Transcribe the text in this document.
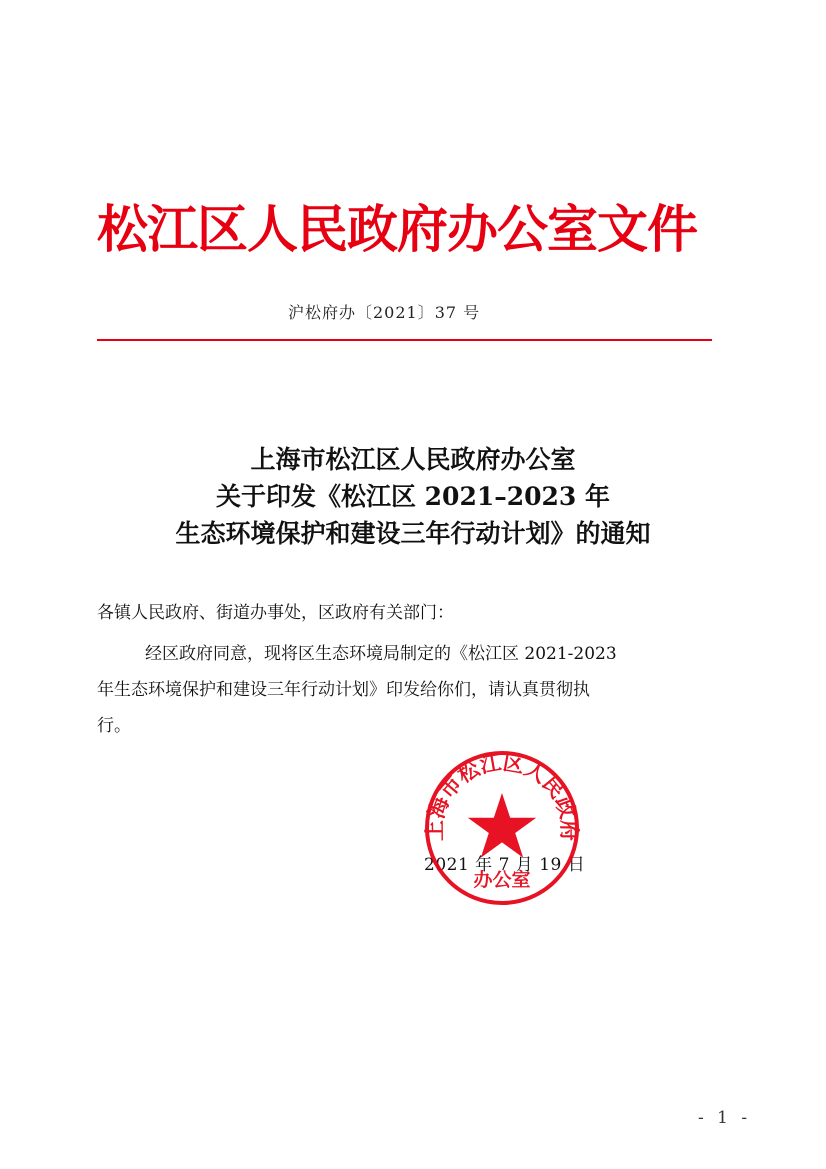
松江区人民政府办公室文件
沪松府办〔2021〕37 号
上海市松江区人民政府办公室
关于印发《松江区 2021–2023 年
生态环境保护和建设三年行动计划》的通知
各镇人民政府、街道办事处，区政府有关部门：
经区政府同意，现将区生态环境局制定的《松江区 2021-2023
年生态环境保护和建设三年行动计划》印发给你们，请认真贯彻执
行。
2021 年 7 月 19 日
上海市松江区人民政府
办公室
- 1 -
